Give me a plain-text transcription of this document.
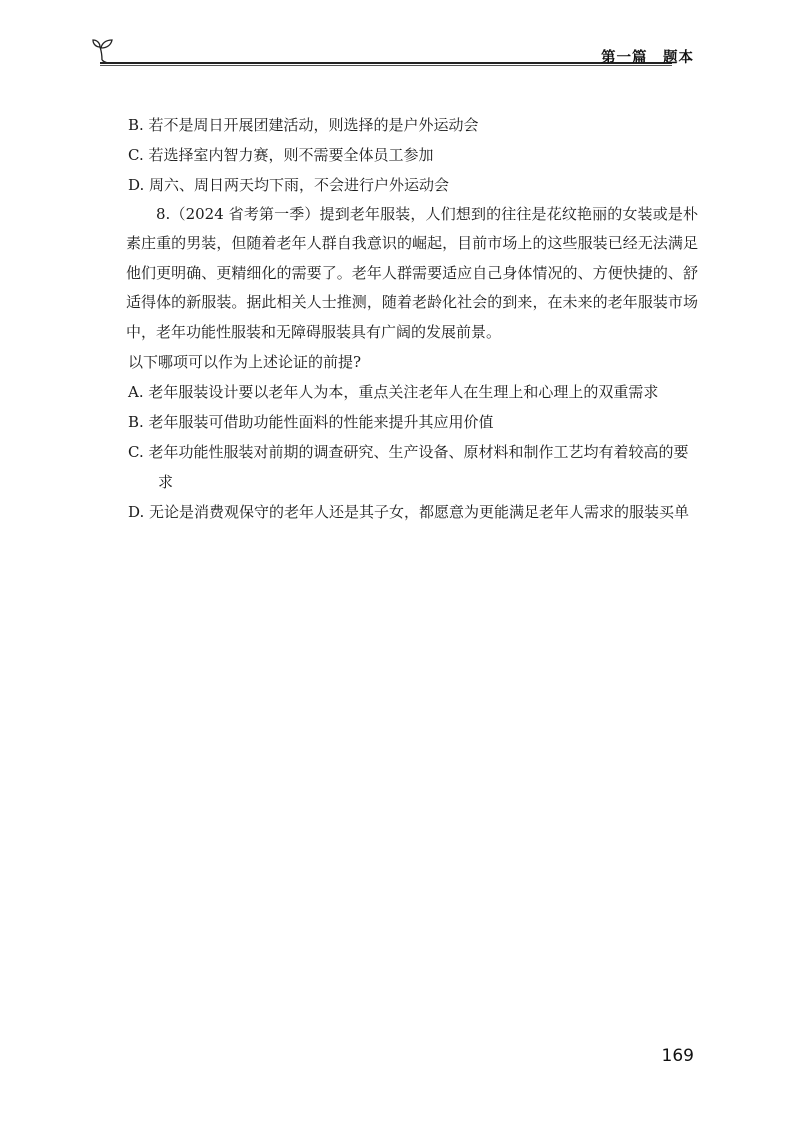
第一篇　题本

B. 若不是周日开展团建活动，则选择的是户外运动会

C. 若选择室内智力赛，则不需要全体员工参加

D. 周六、周日两天均下雨，不会进行户外运动会

8.（2024 省考第一季）提到老年服装，人们想到的往往是花纹艳丽的女装或是朴素庄重的男装，但随着老年人群自我意识的崛起，目前市场上的这些服装已经无法满足他们更明确、更精细化的需要了。老年人群需要适应自己身体情况的、方便快捷的、舒适得体的新服装。据此相关人士推测，随着老龄化社会的到来，在未来的老年服装市场中，老年功能性服装和无障碍服装具有广阔的发展前景。

以下哪项可以作为上述论证的前提?

A. 老年服装设计要以老年人为本，重点关注老年人在生理上和心理上的双重需求

B. 老年服装可借助功能性面料的性能来提升其应用价值

C. 老年功能性服装对前期的调查研究、生产设备、原材料和制作工艺均有着较高的要求

D. 无论是消费观保守的老年人还是其子女，都愿意为更能满足老年人需求的服装买单

169
